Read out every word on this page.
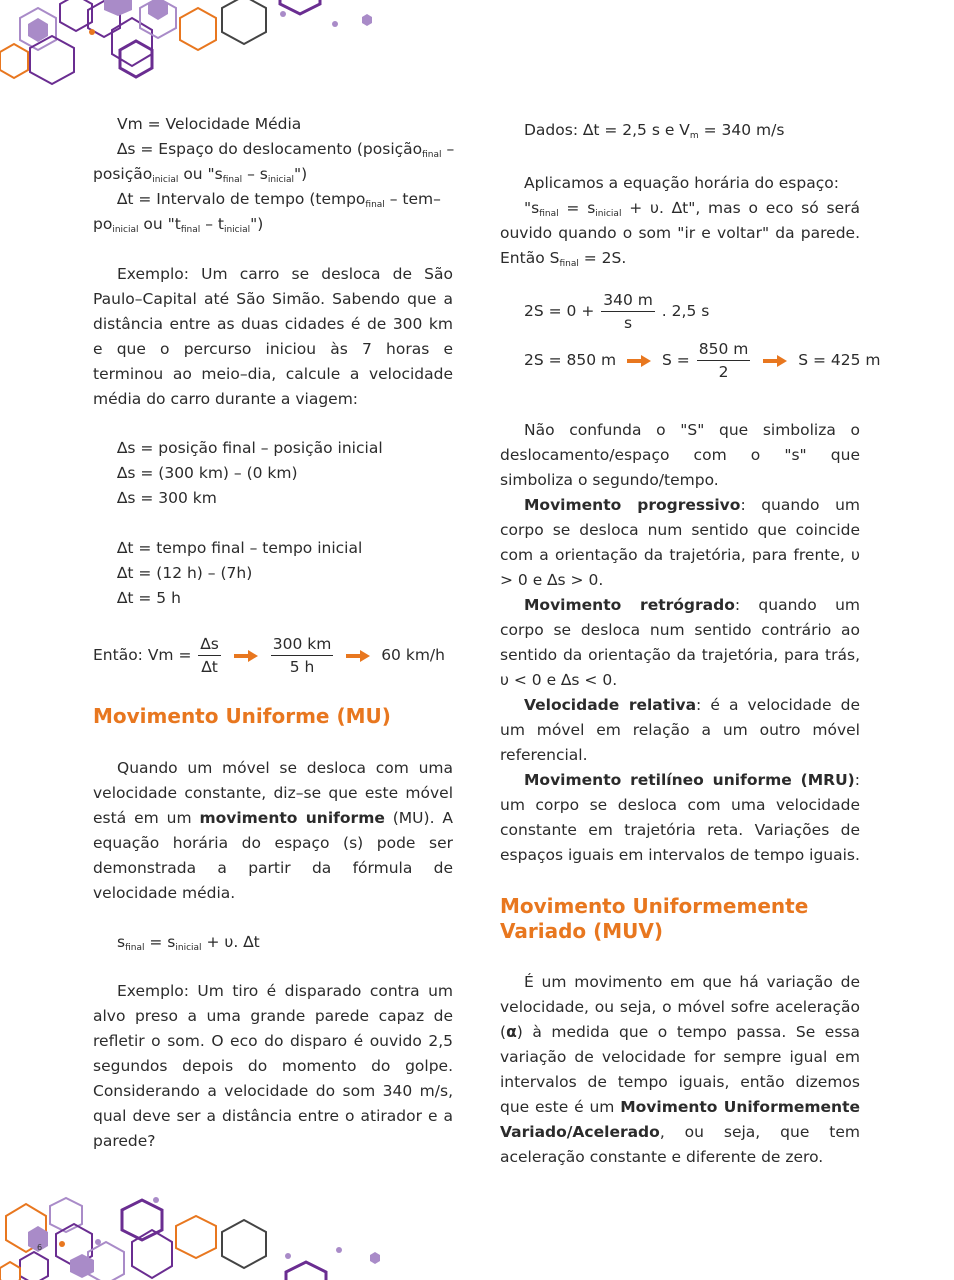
6
Vm = Velocidade Média
∆s = Espaço do deslocamento (posição$_{final}$ –
posição$_{inicial}$ ou "$s_{final}$ – $s_{inicial}$")
∆t = Intervalo de tempo (tempo$_{final}$ – tem–
$po_{inicial}$ ou "$t_{final}$ – $t_{inicial}$")

Exemplo: Um carro se desloca de São Paulo–Capital até São Simão. Sabendo que a distância entre as duas cidades é de 300 km e que o percurso iniciou às 7 horas e terminou ao meio–dia, calcule a velocidade média do carro durante a viagem:

∆s = posição final – posição inicial
∆s = (300 km) – (0 km)
∆s = 300 km
∆t = tempo final – tempo inicial
∆t = (12 h) – (7h)
∆t = 5 h
Então: $Vm = \frac{\Delta s}{\Delta t}$
	$\frac{300 km}{5 h}$	60 km/h
Movimento Uniforme (MU)

Quando um móvel se desloca com uma velocidade constante, diz–se que este móvel está em um movimento uniforme (MU). A equação horária do espaço (s) pode ser demonstrada a partir da fórmula de velocidade média.

$s_{final} = s_{inicial} + \upsilon$. ∆t

Exemplo: Um tiro é disparado contra um alvo preso a uma grande parede capaz de refletir o som. O eco do disparo é ouvido 2,5 segundos depois do momento do golpe. Considerando a velocidade do som 340 m/s, qual deve ser a distância entre o atirador e a parede?

Dados: ∆t = 2,5 s e $V_m = 340$ m/s
Aplicamos a equação horária do espaço:

"$s_{final} = s_{inicial} + \upsilon$. ∆t", mas o eco só será ouvido quando o som "ir e voltar" da parede. Então $S_{final} = 2S$.

$2S = 0 + \frac{340 m}{s}$ . 2,5 s
2S = 850 m	$S = \frac{850 m}{2}$	S = 425 m

Não confunda o "S" que simboliza o deslocamento/espaço com o "s" que simboliza o segundo/tempo.

Movimento progressivo: quando um corpo se desloca num sentido que coincide com a orientação da trajetória, para frente, υ > 0 e ∆s > 0.

Movimento retrógrado: quando um corpo se desloca num sentido contrário ao sentido da orientação da trajetória, para trás, υ < 0 e ∆s < 0.

Velocidade relativa: é a velocidade de um móvel em relação a um outro móvel referencial.

Movimento retilíneo uniforme (MRU): um corpo se desloca com uma velocidade constante em trajetória reta. Variações de espaços iguais em intervalos de tempo iguais.

Movimento Uniformemente
Variado (MUV)

É um movimento em que há variação de velocidade, ou seja, o móvel sofre aceleração (α) à medida que o tempo passa. Se essa variação de velocidade for sempre igual em intervalos de tempo iguais, então dizemos que este é um Movimento Uniformemente Variado/Acelerado, ou seja, que tem aceleração constante e diferente de zero.
